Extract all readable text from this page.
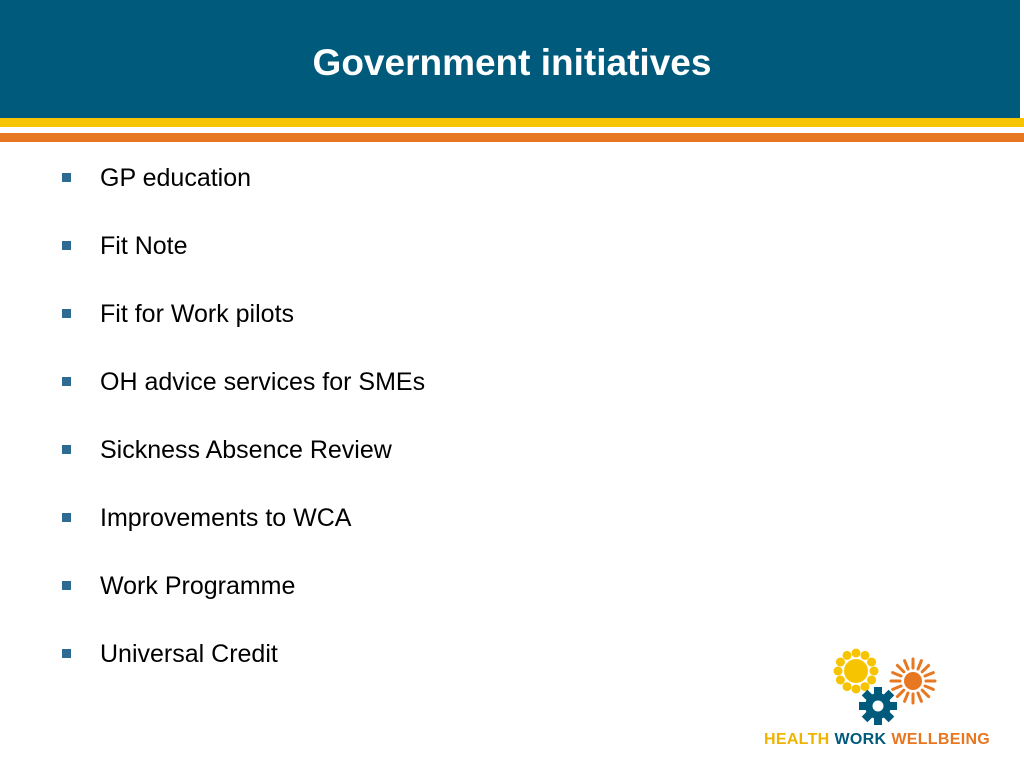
Government initiatives
GP education
Fit Note
Fit for Work pilots
OH advice services for SMEs
Sickness Absence Review
Improvements to WCA
Work Programme
Universal Credit
HEALTH WORK WELLBEING
